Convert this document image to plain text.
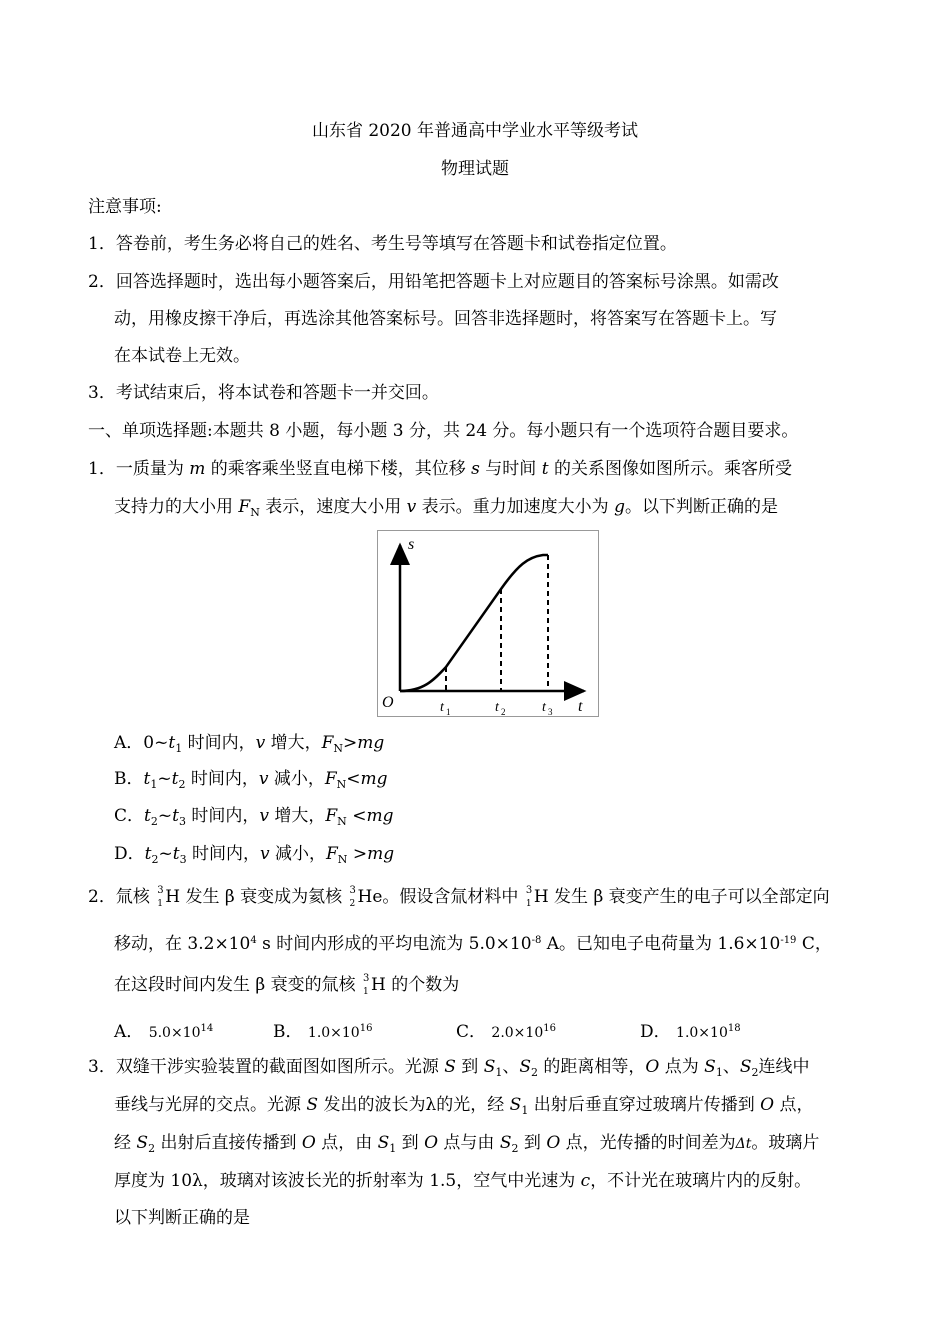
山东省 2020 年普通高中学业水平等级考试
物理试题
注意事项:
1．答卷前，考生务必将自己的姓名、考生号等填写在答题卡和试卷指定位置。
2．回答选择题时，选出每小题答案后，用铅笔把答题卡上对应题目的答案标号涂黑。如需改
动，用橡皮擦干净后，再选涂其他答案标号。回答非选择题时，将答案写在答题卡上。写
在本试卷上无效。
3．考试结束后，将本试卷和答题卡一并交回。
一、单项选择题:本题共 8 小题，每小题 3 分，共 24 分。每小题只有一个选项符合题目要求。
1．一质量为 m 的乘客乘坐竖直电梯下楼，其位移 s 与时间 t 的关系图像如图所示。乘客所受
支持力的大小用 $F_N$ 表示，速度大小用 v 表示。重力加速度大小为 g。以下判断正确的是
s
t
O	t 1	t 2	t 3
A．$0\sim t_1$ 时间内，v 增大，$F_N>mg$
B．$t_1\sim t_2$ 时间内，v 减小，$F_N<mg$
C．$t_2\sim t_3$ 时间内，v 增大，$F_N <mg$
D．$t_2\sim t_3$ 时间内，v 减小，$F_N >mg$
2．氚核 3
1 H 发生 β 衰变成为氦核 3
2 He。假设含氚材料中 3
1 H 发生 β 衰变产生的电子可以全部定向
移动，在 $3.2\times 10^4$ s 时间内形成的平均电流为 $5.0\times 10^{-8}$ A。已知电子电荷量为 $1.6\times 10^{-19}$ C，
在这段时间内发生 β 衰变的氚核 3
1 H 的个数为
A． $5.0\times 10^{14}$	B． $1.0\times 10^{16}$	C． $2.0\times 10^{16}$	D． $1.0\times 10^{18}$
3．双缝干涉实验装置的截面图如图所示。光源 S 到 $S_1$、$S_2$ 的距离相等，O 点为 $S_1$、$S_2$连线中
垂线与光屏的交点。光源 S 发出的波长为λ的光，经 $S_1$ 出射后垂直穿过玻璃片传播到 O 点，
经 $S_2$ 出射后直接传播到 O 点，由 $S_1$ 到 O 点与由 $S_2$ 到 O 点，光传播的时间差为Δt。玻璃片
厚度为 10λ，玻璃对该波长光的折射率为 1.5，空气中光速为 c，不计光在玻璃片内的反射。
以下判断正确的是
